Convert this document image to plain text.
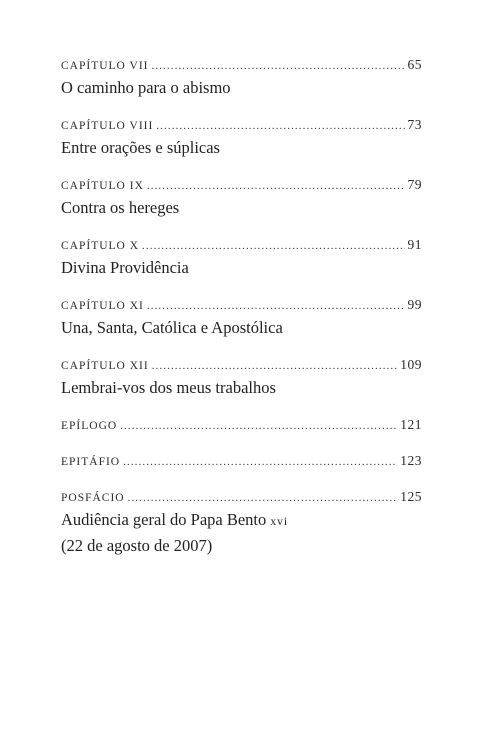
CAPÍTULO VII .....	65
O caminho para o abismo
CAPÍTULO VIII .....	73
Entre orações e súplicas
CAPÍTULO IX .....	79
Contra os hereges
CAPÍTULO X .....	91
Divina Providência
CAPÍTULO XI .....	99
Una, Santa, Católica e Apostólica
CAPÍTULO XII .....	109
Lembrai-vos dos meus trabalhos
EPÍLOGO .....	121
EPITÁFIO .....	123
POSFÁCIO .....	125
Audiência geral do Papa Bento xvi
(22 de agosto de 2007)
